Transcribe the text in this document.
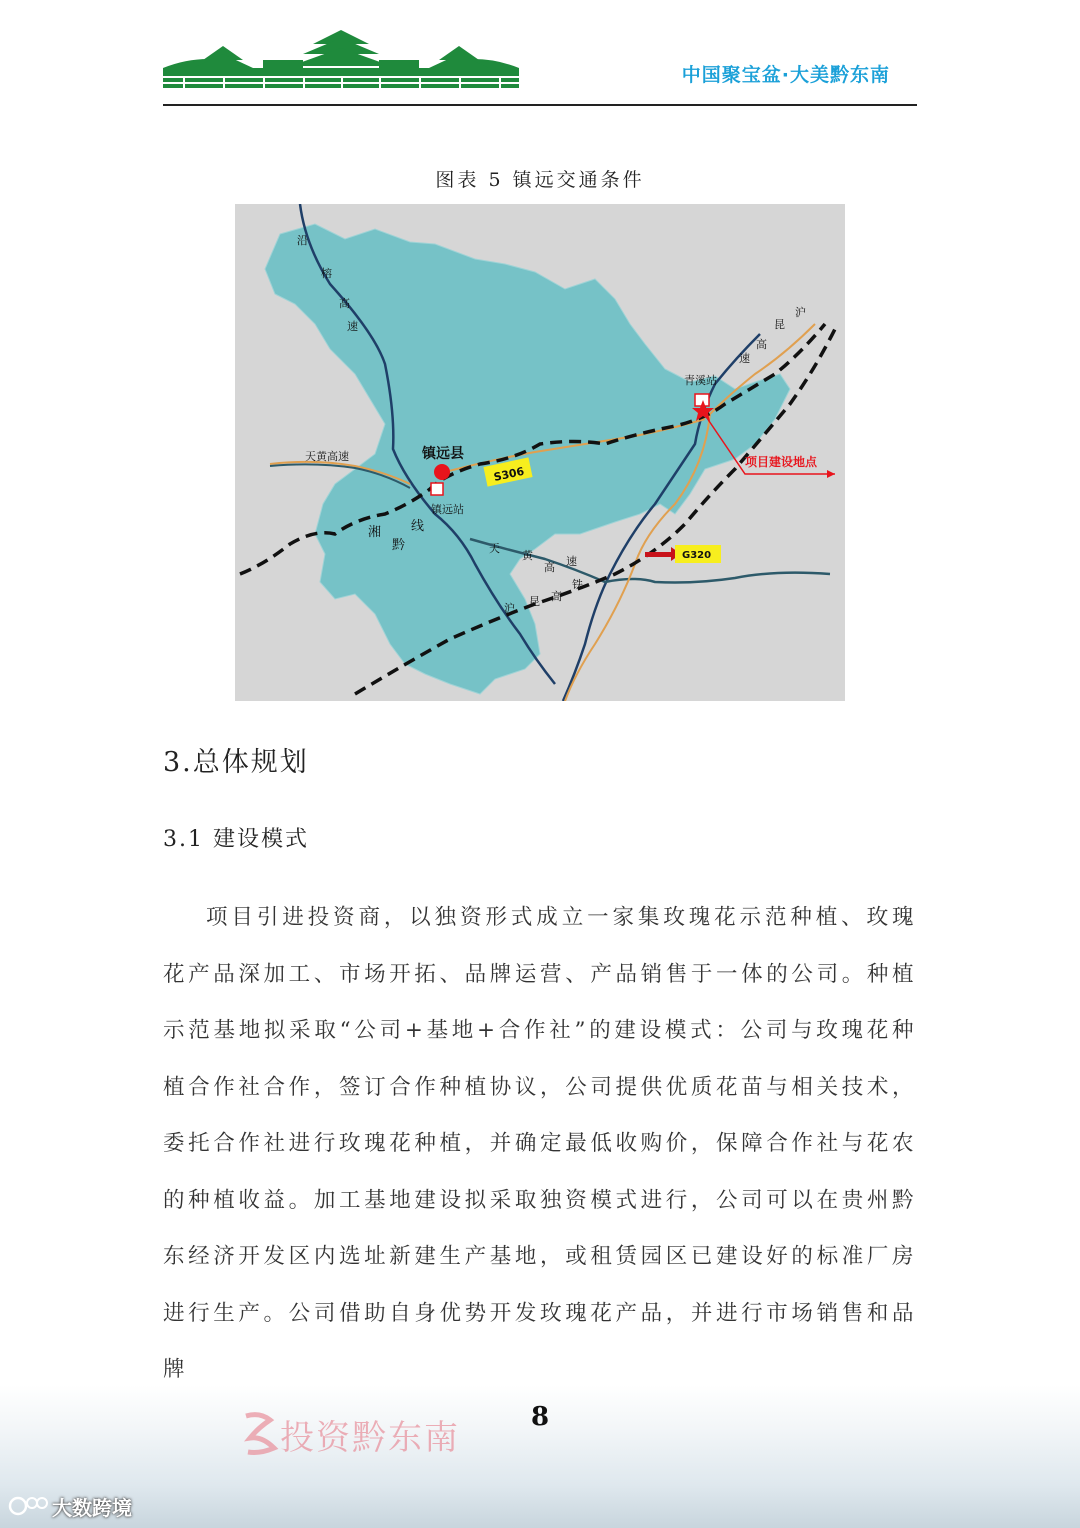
中国聚宝盆·大美黔东南
图表 5 镇远交通条件
沿
榕
高
速
天黄高速	镇远县
S306
镇远站
湘
黔
线
青溪站
沪
昆
高
速
项目建设地点
G320
天
黄
高 速
铁
沪
昆 高
3.总体规划
3.1 建设模式
项目引进投资商，以独资形式成立一家集玫瑰花示范种植、玫瑰花产品深加工、市场开拓、品牌运营、产品销售于一体的公司。种植示范基地拟采取“公司+基地+合作社”的建设模式：公司与玫瑰花种植合作社合作，签订合作种植协议，公司提供优质花苗与相关技术，委托合作社进行玫瑰花种植，并确定最低收购价，保障合作社与花农的种植收益。加工基地建设拟采取独资模式进行，公司可以在贵州黔东经济开发区内选址新建生产基地，或租赁园区已建设好的标准厂房进行生产。公司借助自身优势开发玫瑰花产品，并进行市场销售和品牌
投资黔东南
8
大数跨境
